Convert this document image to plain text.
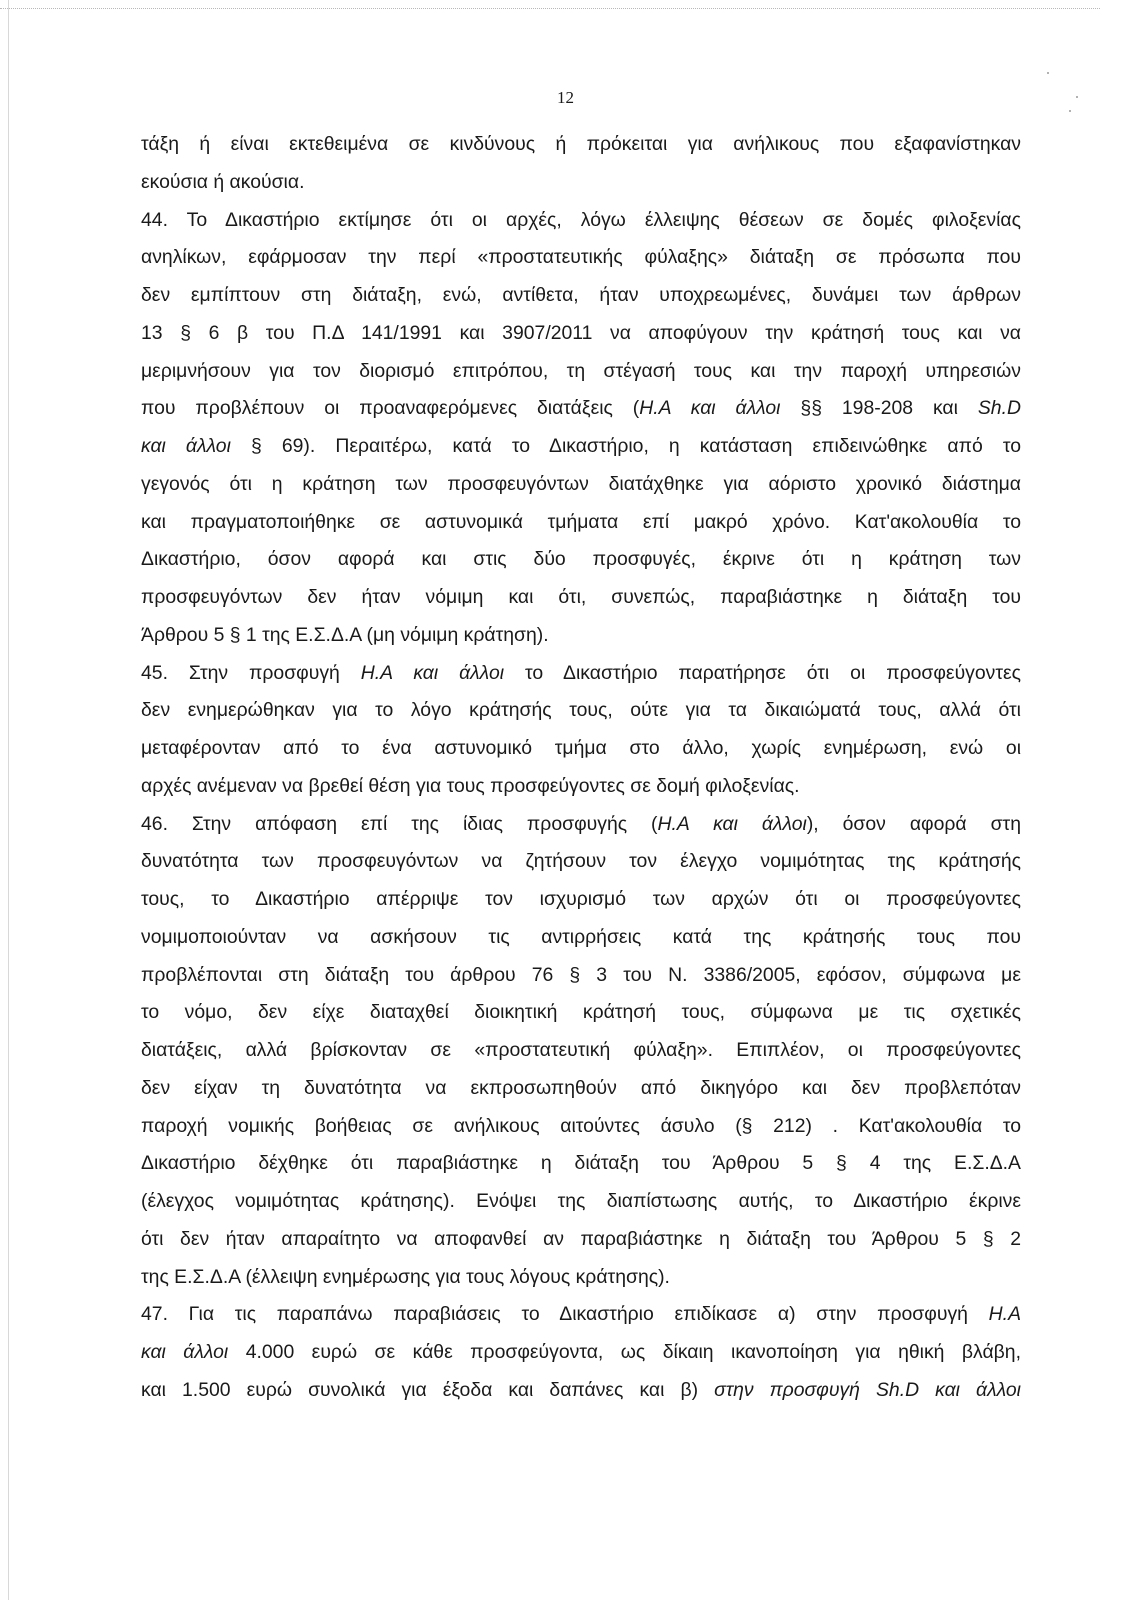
12
τάξη ή είναι εκτεθειμένα σε κινδύνους ή πρόκειται για ανήλικους που εξαφανίστηκαν
εκούσια ή ακούσια.
44. Το Δικαστήριο εκτίμησε ότι οι αρχές, λόγω έλλειψης θέσεων σε δομές φιλοξενίας
ανηλίκων, εφάρμοσαν την περί «προστατευτικής φύλαξης» διάταξη σε πρόσωπα που
δεν εμπίπτουν στη διάταξη, ενώ, αντίθετα, ήταν υποχρεωμένες, δυνάμει των άρθρων
13 § 6 β του Π.Δ 141/1991 και 3907/2011 να αποφύγουν την κράτησή τους και να
μεριμνήσουν για τον διορισμό επιτρόπου, τη στέγασή τους και την παροχή υπηρεσιών
που προβλέπουν οι προαναφερόμενες διατάξεις (Η.Α και άλλοι §§ 198-208 και Sh.D
και άλλοι § 69). Περαιτέρω, κατά το Δικαστήριο, η κατάσταση επιδεινώθηκε από το
γεγονός ότι η κράτηση των προσφευγόντων διατάχθηκε για αόριστο χρονικό διάστημα
και πραγματοποιήθηκε σε αστυνομικά τμήματα επί μακρό χρόνο. Κατ'ακολουθία το
Δικαστήριο, όσον αφορά και στις δύο προσφυγές, έκρινε ότι η κράτηση των
προσφευγόντων δεν ήταν νόμιμη και ότι, συνεπώς, παραβιάστηκε η διάταξη του
Άρθρου 5 § 1 της Ε.Σ.Δ.Α (μη νόμιμη κράτηση).
45. Στην προσφυγή Η.Α και άλλοι το Δικαστήριο παρατήρησε ότι οι προσφεύγοντες
δεν ενημερώθηκαν για το λόγο κράτησής τους, ούτε για τα δικαιώματά τους, αλλά ότι
μεταφέρονταν από το ένα αστυνομικό τμήμα στο άλλο, χωρίς ενημέρωση, ενώ οι
αρχές ανέμεναν να βρεθεί θέση για τους προσφεύγοντες σε δομή φιλοξενίας.
46. Στην απόφαση επί της ίδιας προσφυγής (Η.Α και άλλοι), όσον αφορά στη
δυνατότητα των προσφευγόντων να ζητήσουν τον έλεγχο νομιμότητας της κράτησής
τους, το Δικαστήριο απέρριψε τον ισχυρισμό των αρχών ότι οι προσφεύγοντες
νομιμοποιούνταν να ασκήσουν τις αντιρρήσεις κατά της κράτησής τους που
προβλέπονται στη διάταξη του άρθρου 76 § 3 του Ν. 3386/2005, εφόσον, σύμφωνα με
το νόμο, δεν είχε διαταχθεί διοικητική κράτησή τους, σύμφωνα με τις σχετικές
διατάξεις, αλλά βρίσκονταν σε «προστατευτική φύλαξη». Επιπλέον, οι προσφεύγοντες
δεν είχαν τη δυνατότητα να εκπροσωπηθούν από δικηγόρο και δεν προβλεπόταν
παροχή νομικής βοήθειας σε ανήλικους αιτούντες άσυλο (§ 212) . Κατ'ακολουθία το
Δικαστήριο δέχθηκε ότι παραβιάστηκε η διάταξη του Άρθρου 5 § 4 της Ε.Σ.Δ.Α
(έλεγχος νομιμότητας κράτησης). Ενόψει της διαπίστωσης αυτής, το Δικαστήριο έκρινε
ότι δεν ήταν απαραίτητο να αποφανθεί αν παραβιάστηκε η διάταξη του Άρθρου 5 § 2
της Ε.Σ.Δ.Α (έλλειψη ενημέρωσης για τους λόγους κράτησης).
47. Για τις παραπάνω παραβιάσεις το Δικαστήριο επιδίκασε α) στην προσφυγή Η.Α
και άλλοι 4.000 ευρώ σε κάθε προσφεύγοντα, ως δίκαιη ικανοποίηση για ηθική βλάβη,
και 1.500 ευρώ συνολικά για έξοδα και δαπάνες και β) στην προσφυγή Sh.D και άλλοι
